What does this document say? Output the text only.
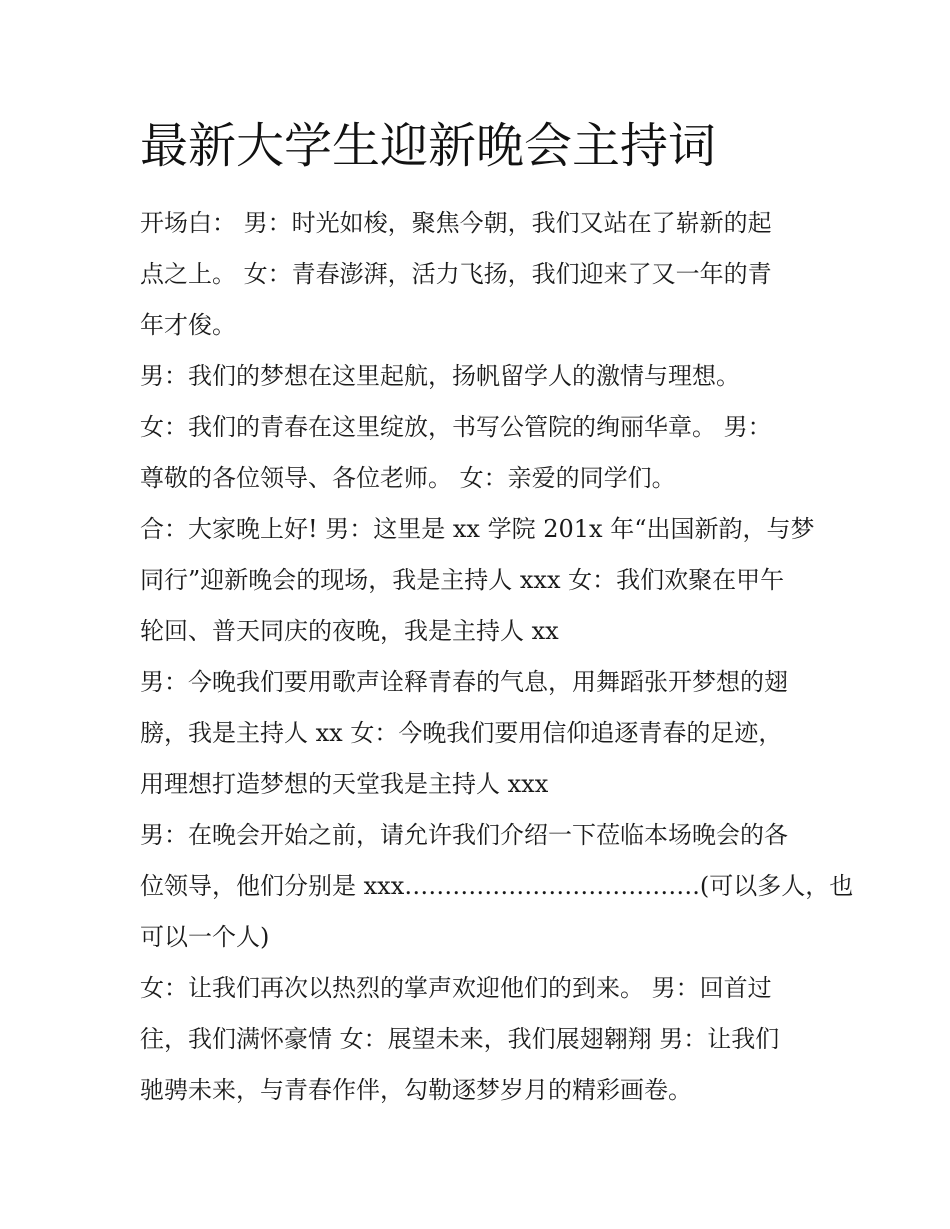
最新大学生迎新晚会主持词
开场白： 男：时光如梭，聚焦今朝，我们又站在了崭新的起
点之上。 女：青春澎湃，活力飞扬，我们迎来了又一年的青
年才俊。
男：我们的梦想在这里起航，扬帆留学人的激情与理想。
女：我们的青春在这里绽放，书写公管院的绚丽华章。 男：
尊敬的各位领导、各位老师。 女：亲爱的同学们。
合：大家晚上好! 男：这里是 xx 学院 201x 年“出国新韵，与梦
同行”迎新晚会的现场，我是主持人 xxx 女：我们欢聚在甲午
轮回、普天同庆的夜晚，我是主持人 xx
男：今晚我们要用歌声诠释青春的气息，用舞蹈张开梦想的翅
膀，我是主持人 xx 女：今晚我们要用信仰追逐青春的足迹，
用理想打造梦想的天堂我是主持人 xxx
男：在晚会开始之前，请允许我们介绍一下莅临本场晚会的各
位领导，他们分别是 xxx……………………………….(可以多人，也
可以一个人)
女：让我们再次以热烈的掌声欢迎他们的到来。 男：回首过
往，我们满怀豪情 女：展望未来，我们展翅翱翔 男：让我们
驰骋未来，与青春作伴，勾勒逐梦岁月的精彩画卷。
